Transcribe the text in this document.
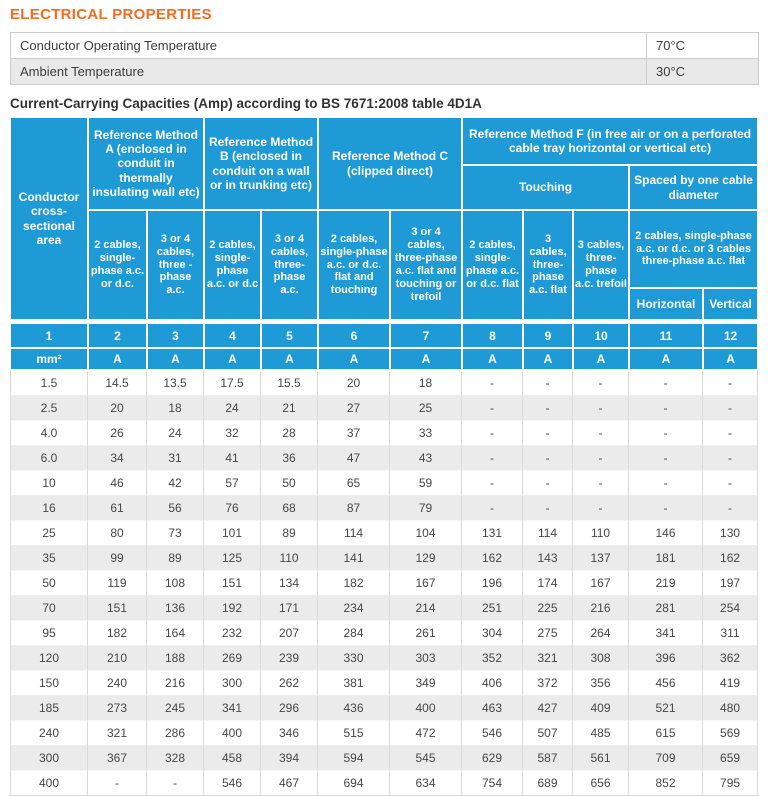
ELECTRICAL PROPERTIES
Conductor Operating Temperature	70°C
Ambient Temperature	30°C
Current-Carrying Capacities (Amp) according to BS 7671:2008 table 4D1A
Conductor cross-sectional area	Reference Method A (enclosed in conduit in thermally insulating wall etc)		Reference Method B (enclosed in conduit on a wall or in trunking etc)		Reference Method C (clipped direct)		Reference Method F (in free air or on a perforated cable tray horizontal or vertical etc)				
							Touching			Spaced by one cable diameter	
	2 cables, single-phase a.c. or d.c.	3 or 4 cables, three - phase a.c.	2 cables, single-phase a.c. or d.c	3 or 4 cables, three-phase a.c.	2 cables, single-phase a.c. or d.c. flat and touching	3 or 4 cables, three-phase a.c. flat and touching or trefoil	2 cables, single-phase a.c. or d.c. flat	3 cables, three-phase a.c. flat	3 cables, three-phase a.c. trefoil	2 cables, single-phase a.c. or d.c. or 3 cables three-phase a.c. flat	
										Horizontal	Vertical

1	2	3	4	5	6	7	8	9	10	11	12
mm²	A	A	A	A	A	A	A	A	A	A	A
1.5	14.5	13.5	17.5	15.5	20	18	-	-	-	-	-
2.5	20	18	24	21	27	25	-	-	-	-	-
4.0	26	24	32	28	37	33	-	-	-	-	-
6.0	34	31	41	36	47	43	-	-	-	-	-
10	46	42	57	50	65	59	-	-	-	-	-
16	61	56	76	68	87	79	-	-	-	-	-
25	80	73	101	89	114	104	131	114	110	146	130
35	99	89	125	110	141	129	162	143	137	181	162
50	119	108	151	134	182	167	196	174	167	219	197
70	151	136	192	171	234	214	251	225	216	281	254
95	182	164	232	207	284	261	304	275	264	341	311
120	210	188	269	239	330	303	352	321	308	396	362
150	240	216	300	262	381	349	406	372	356	456	419
185	273	245	341	296	436	400	463	427	409	521	480
240	321	286	400	346	515	472	546	507	485	615	569
300	367	328	458	394	594	545	629	587	561	709	659
400	-	-	546	467	694	634	754	689	656	852	795
